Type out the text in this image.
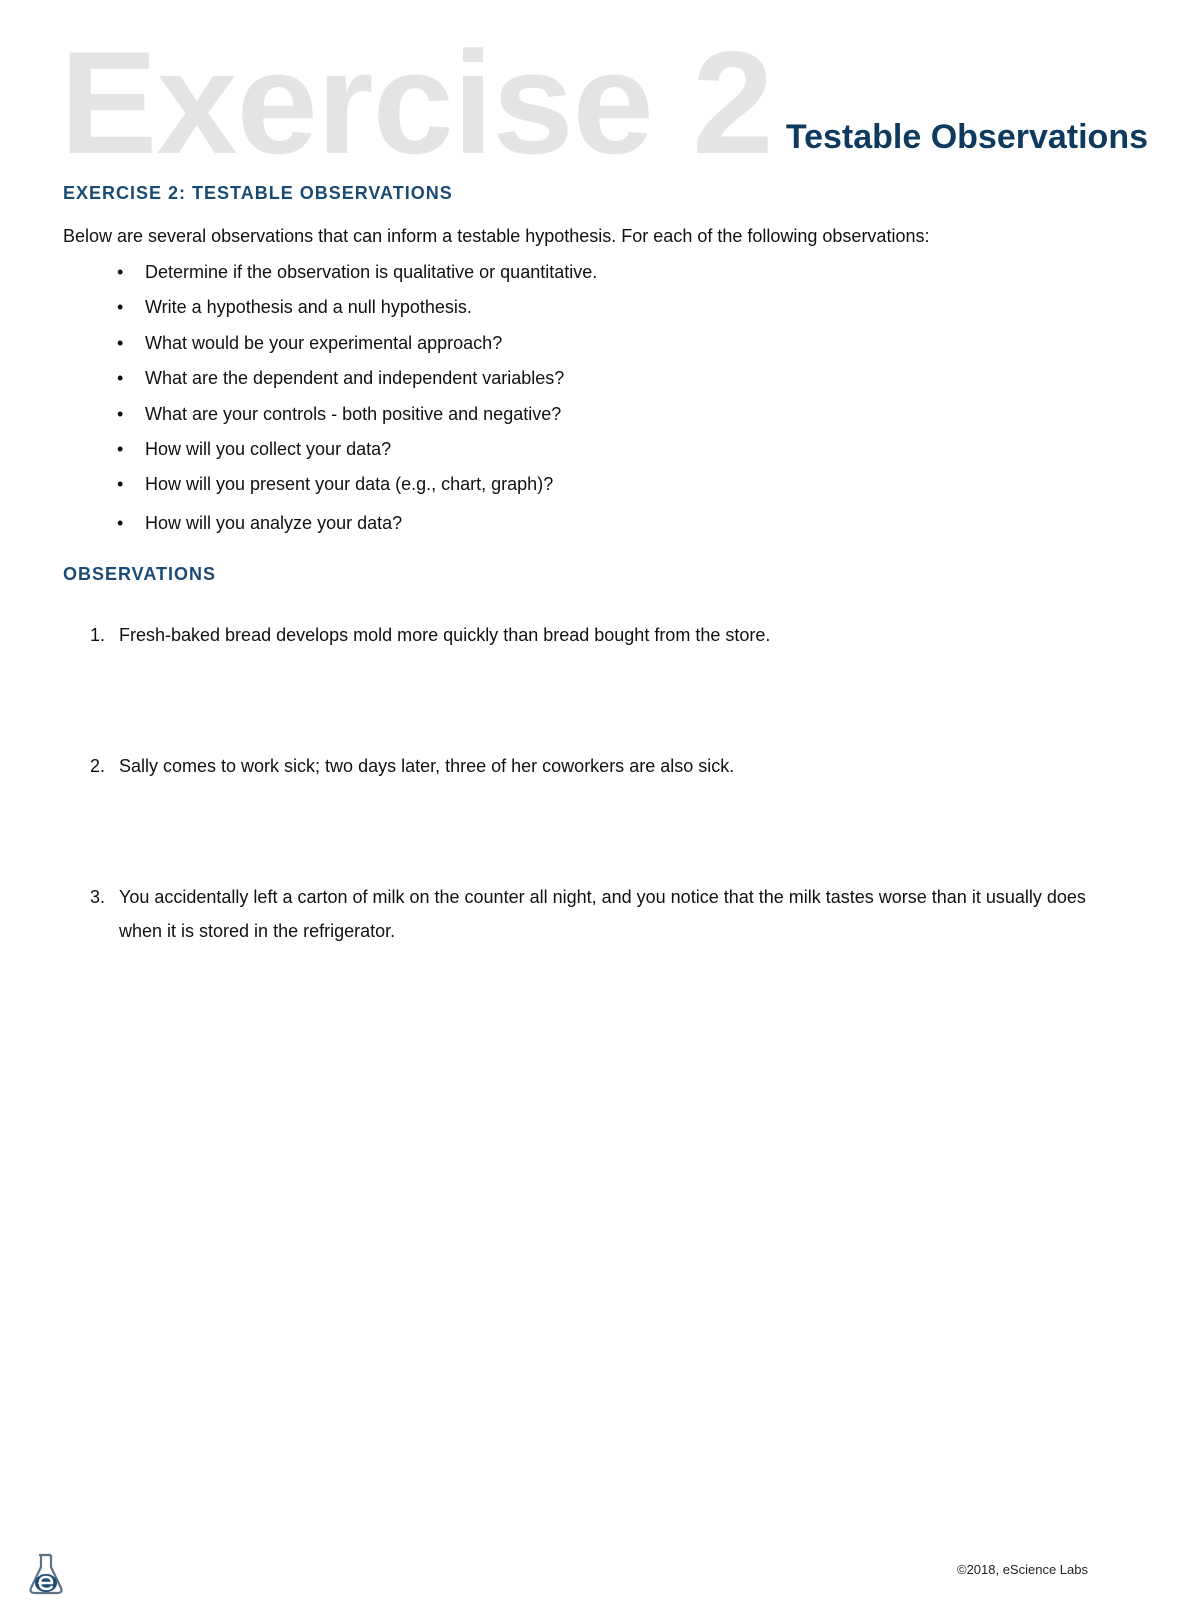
Exercise 2 Testable Observations
EXERCISE 2: TESTABLE OBSERVATIONS
Below are several observations that can inform a testable hypothesis. For each of the following observations:
• Determine if the observation is qualitative or quantitative.
• Write a hypothesis and a null hypothesis.
• What would be your experimental approach?
• What are the dependent and independent variables?
• What are your controls - both positive and negative?
• How will you collect your data?
• How will you present your data (e.g., chart, graph)?
• How will you analyze your data?
OBSERVATIONS
1. Fresh-baked bread develops mold more quickly than bread bought from the store.
2. Sally comes to work sick; two days later, three of her coworkers are also sick.
3. You accidentally left a carton of milk on the counter all night, and you notice that the milk tastes worse than it usually does when it is stored in the refrigerator.
©2018, eScience Labs
